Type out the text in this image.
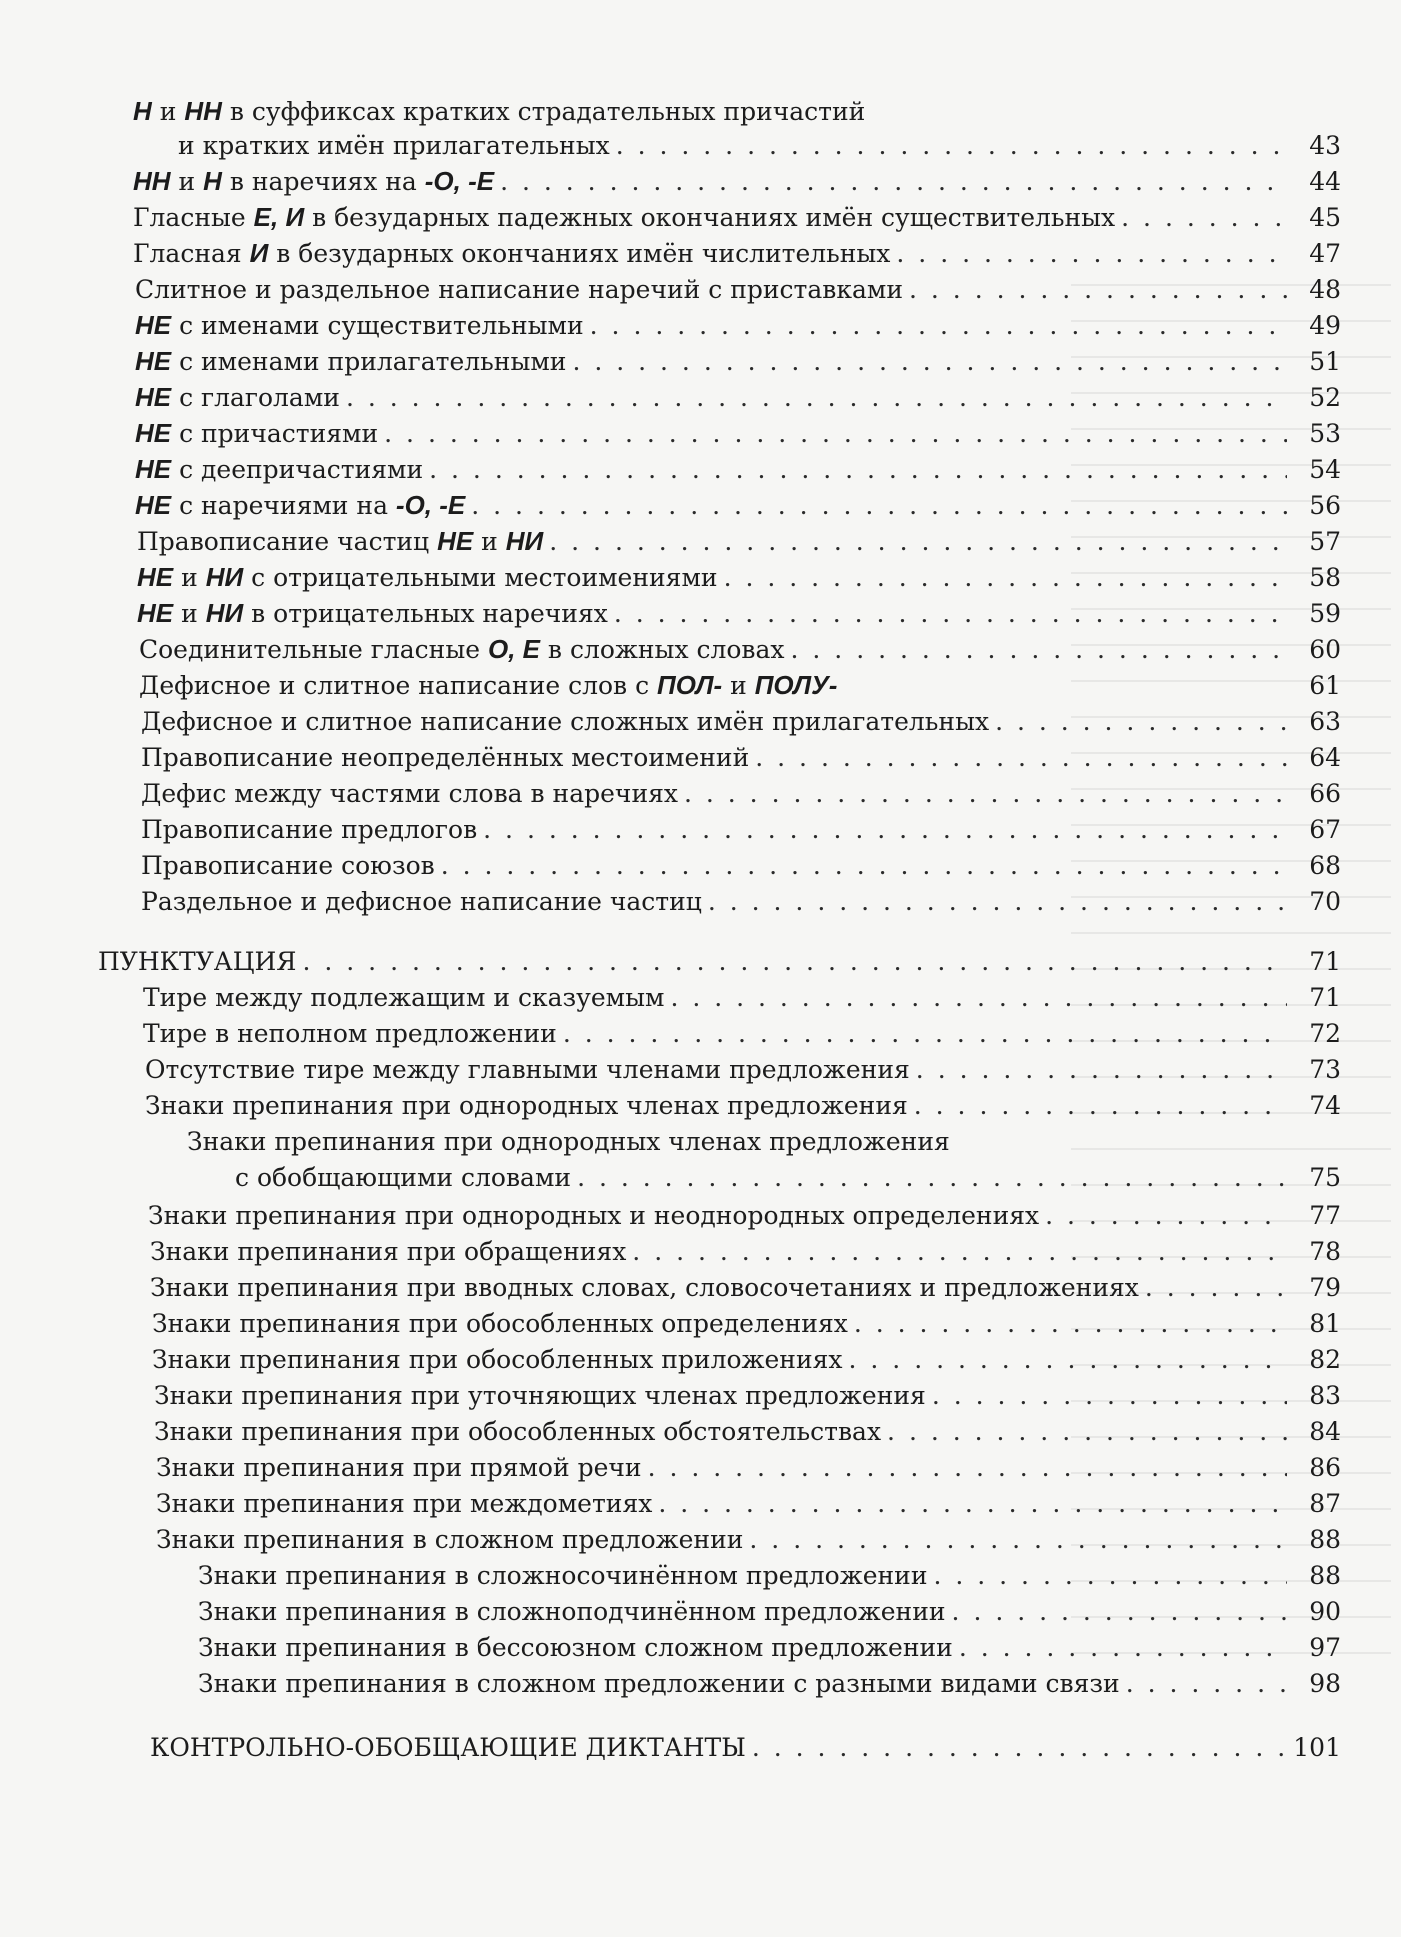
Н и НН в суффиксах кратких страдательных причастий
и кратких имён прилагательных . . .	43
НН и Н в наречиях на -О, -Е . . .	44
Гласные Е, И в безударных падежных окончаниях имён существительных . . .	45
Гласная И в безударных окончаниях имён числительных . . .	47
Слитное и раздельное написание наречий с приставками . . .	48
НЕ с именами существительными . . .	49
НЕ с именами прилагательными . . .	51
НЕ с глаголами . . .	52
НЕ с причастиями . . .	53
НЕ с деепричастиями . . .	54
НЕ с наречиями на -О, -Е . . .	56
Правописание частиц НЕ и НИ . . .	57
НЕ и НИ с отрицательными местоимениями . . .	58
НЕ и НИ в отрицательных наречиях . . .	59
Соединительные гласные О, Е в сложных словах . . .	60
Дефисное и слитное написание слов с ПОЛ- и ПОЛУ-	61
Дефисное и слитное написание сложных имён прилагательных . . .	63
Правописание неопределённых местоимений . . .	64
Дефис между частями слова в наречиях . . .	66
Правописание предлогов . . .	67
Правописание союзов . . .	68
Раздельное и дефисное написание частиц . . .	70
ПУНКТУАЦИЯ . . .	71
Тире между подлежащим и сказуемым . . .	71
Тире в неполном предложении . . .	72
Отсутствие тире между главными членами предложения . . .	73
Знаки препинания при однородных членах предложения . . .	74
Знаки препинания при однородных членах предложения
с обобщающими словами . . .	75
Знаки препинания при однородных и неоднородных определениях . . .	77
Знаки препинания при обращениях . . .	78
Знаки препинания при вводных словах, словосочетаниях и предложениях . . .	79
Знаки препинания при обособленных определениях . . .	81
Знаки препинания при обособленных приложениях . . .	82
Знаки препинания при уточняющих членах предложения . . .	83
Знаки препинания при обособленных обстоятельствах . . .	84
Знаки препинания при прямой речи . . .	86
Знаки препинания при междометиях . . .	87
Знаки препинания в сложном предложении . . .	88
Знаки препинания в сложносочинённом предложении . . .	88
Знаки препинания в сложноподчинённом предложении . . .	90
Знаки препинания в бессоюзном сложном предложении . . .	97
Знаки препинания в сложном предложении с разными видами связи . . .	98
КОНТРОЛЬНО-ОБОБЩАЮЩИЕ ДИКТАНТЫ . . .	101
